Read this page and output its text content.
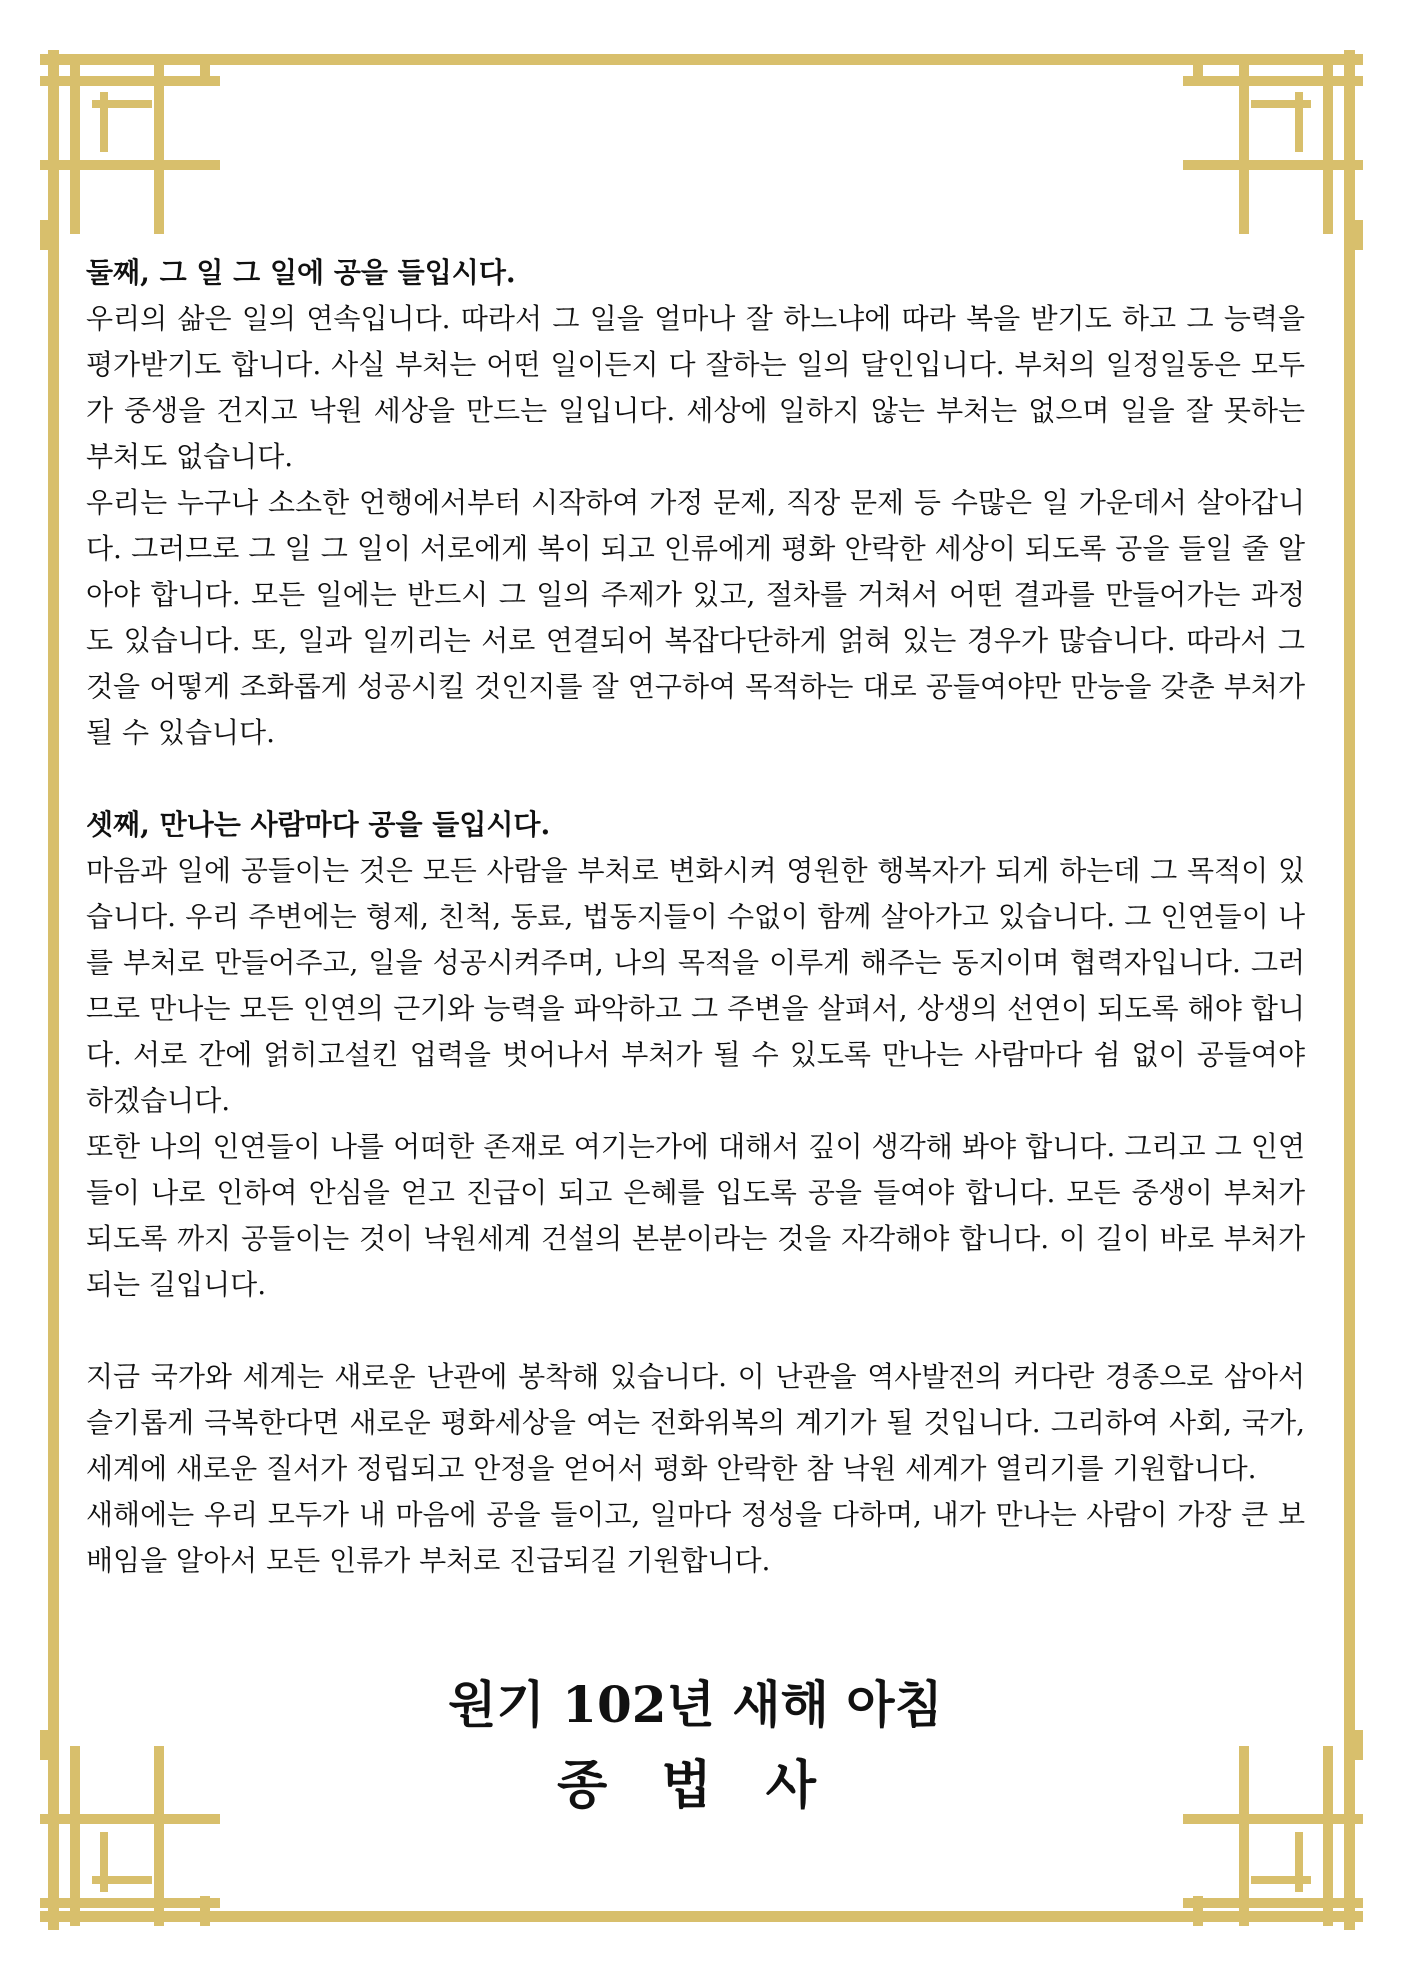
둘째, 그 일 그 일에 공을 들입시다.

우리의 삶은 일의 연속입니다. 따라서 그 일을 얼마나 잘 하느냐에 따라 복을 받기도 하고 그 능력을 평가받기도 합니다. 사실 부처는 어떤 일이든지 다 잘하는 일의 달인입니다. 부처의 일정일동은 모두가 중생을 건지고 낙원 세상을 만드는 일입니다. 세상에 일하지 않는 부처는 없으며 일을 잘 못하는 부처도 없습니다.

우리는 누구나 소소한 언행에서부터 시작하여 가정 문제, 직장 문제 등 수많은 일 가운데서 살아갑니다. 그러므로 그 일 그 일이 서로에게 복이 되고 인류에게 평화 안락한 세상이 되도록 공을 들일 줄 알아야 합니다. 모든 일에는 반드시 그 일의 주제가 있고, 절차를 거쳐서 어떤 결과를 만들어가는 과정도 있습니다. 또, 일과 일끼리는 서로 연결되어 복잡다단하게 얽혀 있는 경우가 많습니다. 따라서 그것을 어떻게 조화롭게 성공시킬 것인지를 잘 연구하여 목적하는 대로 공들여야만 만능을 갖춘 부처가 될 수 있습니다.

셋째, 만나는 사람마다 공을 들입시다.

마음과 일에 공들이는 것은 모든 사람을 부처로 변화시켜 영원한 행복자가 되게 하는데 그 목적이 있습니다. 우리 주변에는 형제, 친척, 동료, 법동지들이 수없이 함께 살아가고 있습니다. 그 인연들이 나를 부처로 만들어주고, 일을 성공시켜주며, 나의 목적을 이루게 해주는 동지이며 협력자입니다. 그러므로 만나는 모든 인연의 근기와 능력을 파악하고 그 주변을 살펴서, 상생의 선연이 되도록 해야 합니다. 서로 간에 얽히고설킨 업력을 벗어나서 부처가 될 수 있도록 만나는 사람마다 쉼 없이 공들여야 하겠습니다.

또한 나의 인연들이 나를 어떠한 존재로 여기는가에 대해서 깊이 생각해 봐야 합니다. 그리고 그 인연들이 나로 인하여 안심을 얻고 진급이 되고 은혜를 입도록 공을 들여야 합니다. 모든 중생이 부처가 되도록 까지 공들이는 것이 낙원세계 건설의 본분이라는 것을 자각해야 합니다. 이 길이 바로 부처가 되는 길입니다.

지금 국가와 세계는 새로운 난관에 봉착해 있습니다. 이 난관을 역사발전의 커다란 경종으로 삼아서 슬기롭게 극복한다면 새로운 평화세상을 여는 전화위복의 계기가 될 것입니다. 그리하여 사회, 국가, 세계에 새로운 질서가 정립되고 안정을 얻어서 평화 안락한 참 낙원 세계가 열리기를 기원합니다.

새해에는 우리 모두가 내 마음에 공을 들이고, 일마다 정성을 다하며, 내가 만나는 사람이 가장 큰 보배임을 알아서 모든 인류가 부처로 진급되길 기원합니다.

원기 102년 새해 아침
종 법 사
